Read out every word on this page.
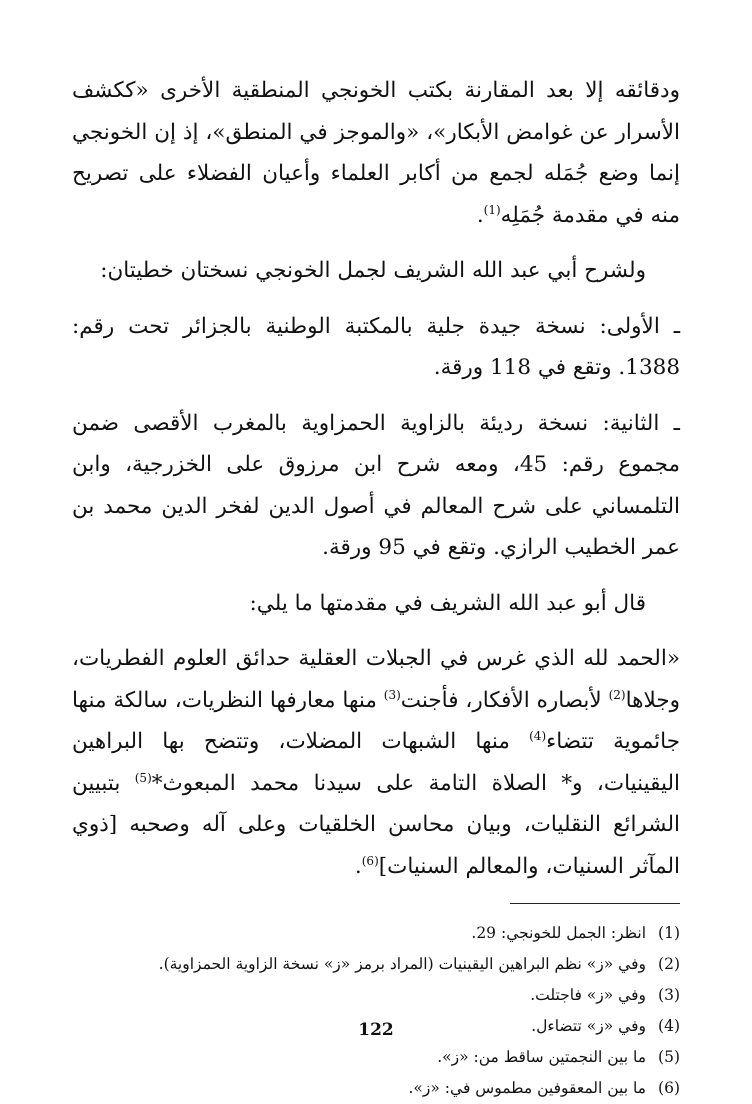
ودقائقه إلا بعد المقارنة بكتب الخونجي المنطقية الأخرى «ككشف الأسرار عن غوامض الأبكار»، «والموجز في المنطق»، إذ إن الخونجي إنما وضع جُمَله لجمع من أكابر العلماء وأعيان الفضلاء على تصريح منه في مقدمة جُمَلِه$^{(1)}$.

ولشرح أبي عبد الله الشريف لجمل الخونجي نسختان خطيتان:

ـ الأولى: نسخة جيدة جلية بالمكتبة الوطنية بالجزائر تحت رقم: 1388. وتقع في 118 ورقة.

ـ الثانية: نسخة رديئة بالزاوية الحمزاوية بالمغرب الأقصى ضمن مجموع رقم: 45، ومعه شرح ابن مرزوق على الخزرجية، وابن التلمساني على شرح المعالم في أصول الدين لفخر الدين محمد بن عمر الخطيب الرازي. وتقع في 95 ورقة.

قال أبو عبد الله الشريف في مقدمتها ما يلي:

«الحمد لله الذي غرس في الجبلات العقلية حدائق العلوم الفطريات، وجلاها$^{(2)}$ لأبصاره الأفكار، فأجنت$^{(3)}$ منها معارفها النظريات، سالكة منها جائموية تتضاء$^{(4)}$ منها الشبهات المضلات، وتتضح بها البراهين اليقينيات، و* الصلاة التامة على سيدنا محمد المبعوث*$^{(5)}$ بتبيين الشرائع النقليات، وبيان محاسن الخلقيات وعلى آله وصحبه [ذوي المآثر السنيات، والمعالم السنيات]$^{(6)}$.

(1)
انظر: الجمل للخونجي: 29.
(2)
وفي «ز» نظم البراهين اليقينيات (المراد برمز «ز» نسخة الزاوية الحمزاوية).
(3)
وفي «ز» فاجتلت.
(4)
وفي «ز» تتضاءل.
(5)
ما بين النجمتين ساقط من: «ز».
(6)
ما بين المعقوفين مطموس في: «ز».
122
